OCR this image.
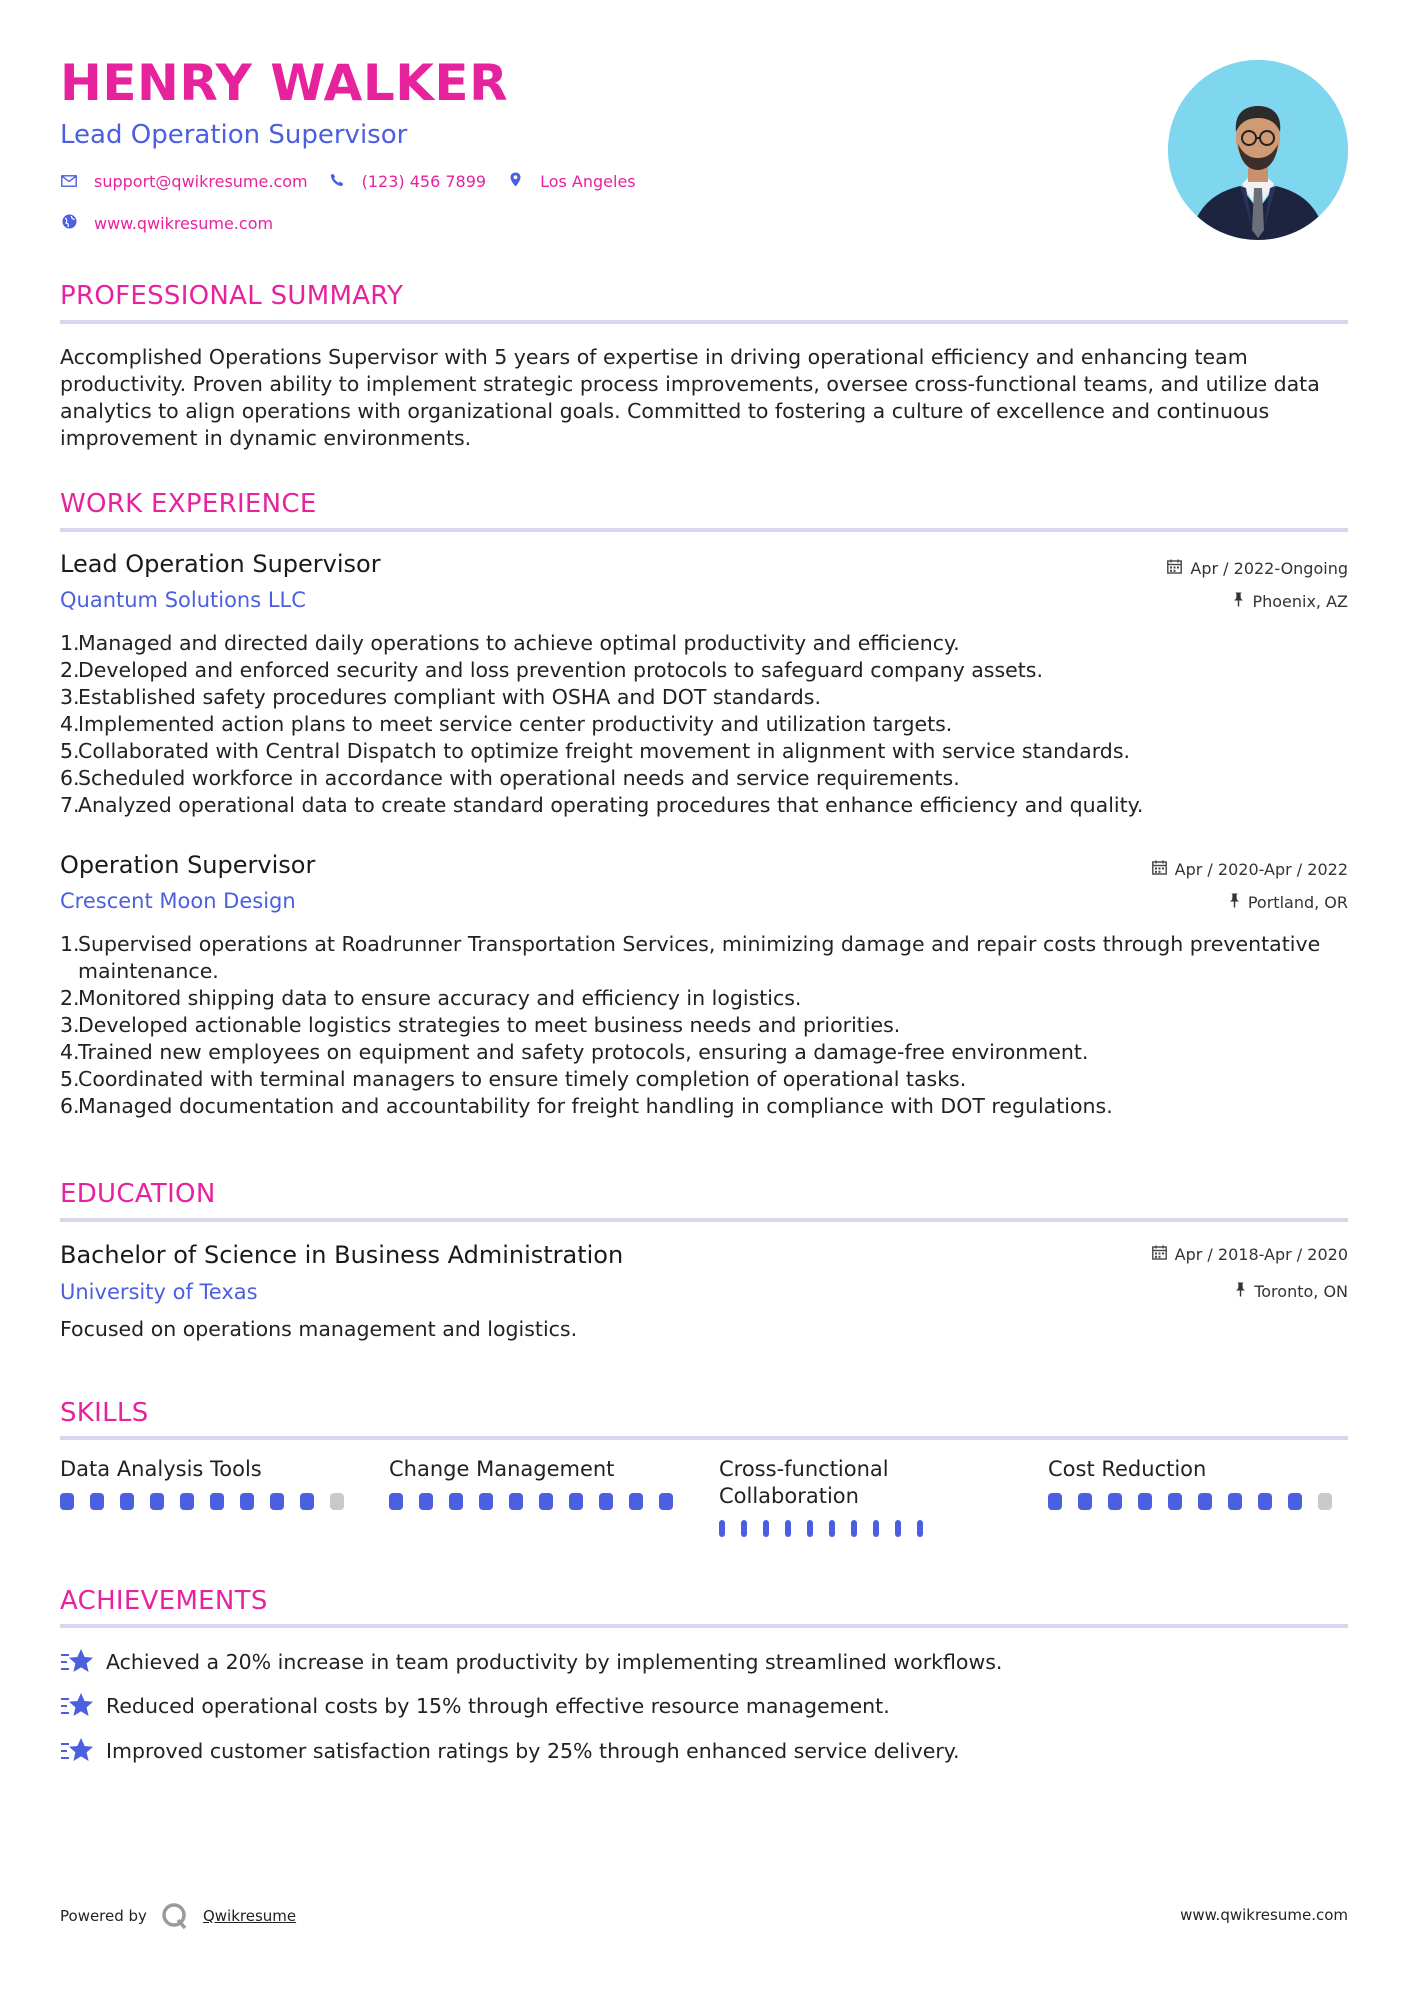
HENRY WALKER
Lead Operation Supervisor
support@qwikresume.com	(123) 456 7899	Los Angeles
www.qwikresume.com
PROFESSIONAL SUMMARY
Accomplished Operations Supervisor with 5 years of expertise in driving operational efficiency and enhancing team productivity. Proven ability to implement strategic process improvements, oversee cross-functional teams, and utilize data analytics to align operations with organizational goals. Committed to fostering a culture of excellence and continuous improvement in dynamic environments.
WORK EXPERIENCE
Lead Operation Supervisor
Quantum Solutions LLC
Apr / 2022-Ongoing
Phoenix, AZ
1.
Managed and directed daily operations to achieve optimal productivity and efficiency.
2.
Developed and enforced security and loss prevention protocols to safeguard company assets.
3.
Established safety procedures compliant with OSHA and DOT standards.
4.
Implemented action plans to meet service center productivity and utilization targets.
5.
Collaborated with Central Dispatch to optimize freight movement in alignment with service standards.
6.
Scheduled workforce in accordance with operational needs and service requirements.
7.
Analyzed operational data to create standard operating procedures that enhance efficiency and quality.
Operation Supervisor
Crescent Moon Design
Apr / 2020-Apr / 2022
Portland, OR
1.
Supervised operations at Roadrunner Transportation Services, minimizing damage and repair costs through preventative maintenance.
2.
Monitored shipping data to ensure accuracy and efficiency in logistics.
3.
Developed actionable logistics strategies to meet business needs and priorities.
4.
Trained new employees on equipment and safety protocols, ensuring a damage-free environment.
5.
Coordinated with terminal managers to ensure timely completion of operational tasks.
6.
Managed documentation and accountability for freight handling in compliance with DOT regulations.
EDUCATION
Bachelor of Science in Business Administration
University of Texas
Apr / 2018-Apr / 2020
Toronto, ON
Focused on operations management and logistics.
SKILLS
Data Analysis Tools	Change Management	Cross-functional Collaboration
Cost Reduction
ACHIEVEMENTS
Achieved a 20% increase in team productivity by implementing streamlined workflows.
Reduced operational costs by 15% through effective resource management.
Improved customer satisfaction ratings by 25% through enhanced service delivery.
Powered by	Qwikresume	www.qwikresume.com
